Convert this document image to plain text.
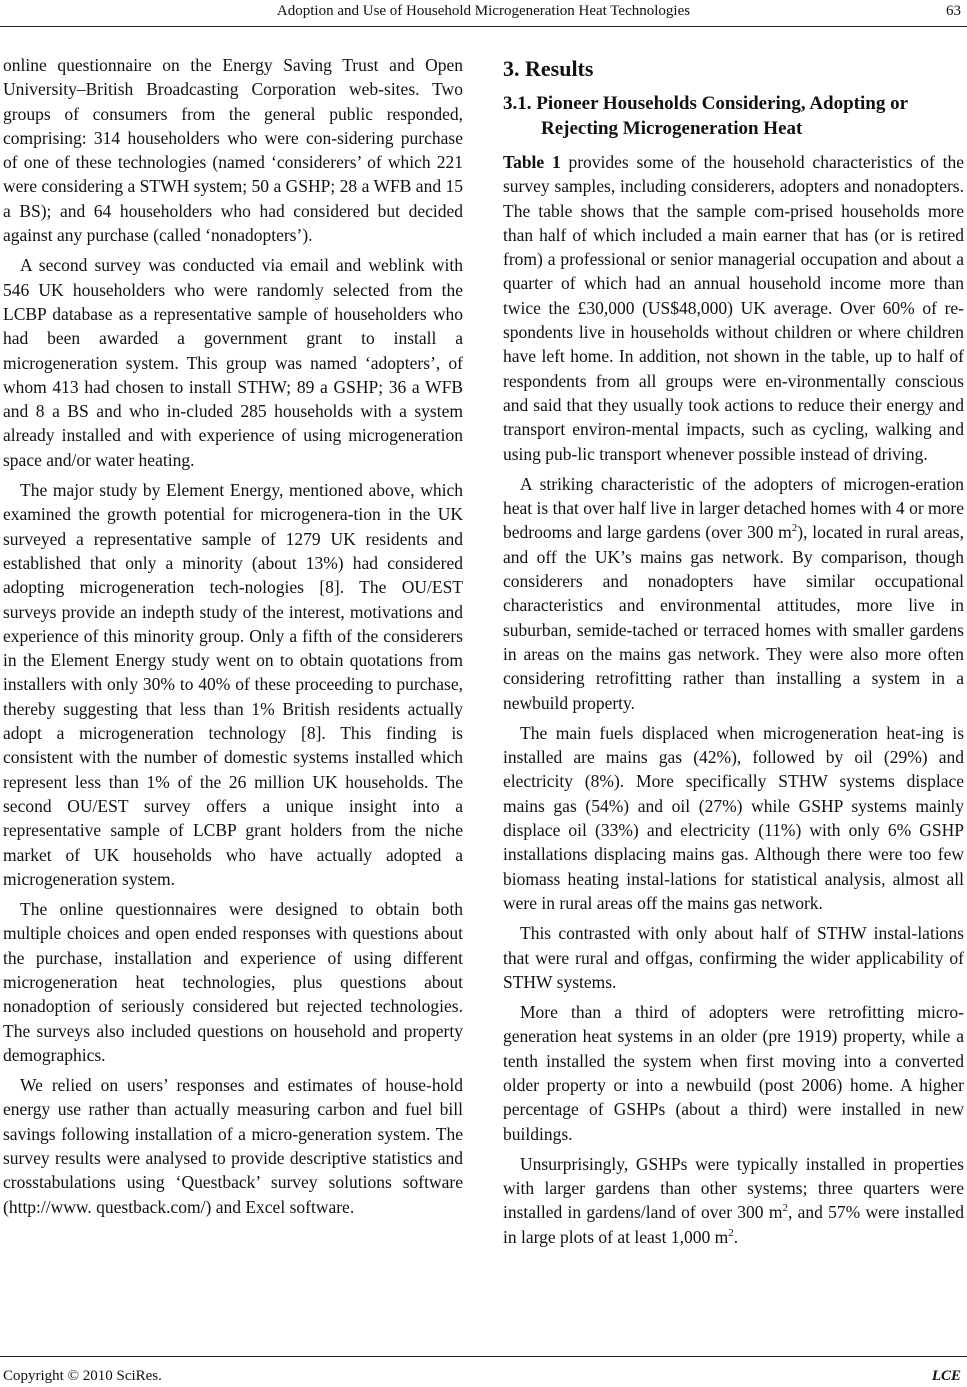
Adoption and Use of Household Microgeneration Heat Technologies	63

online questionnaire on the Energy Saving Trust and Open University–British Broadcasting Corporation web-sites. Two groups of consumers from the general public responded, comprising: 314 householders who were con-sidering purchase of one of these technologies (named ‘considerers’ of which 221 were considering a STWH system; 50 a GSHP; 28 a WFB and 15 a BS); and 64 householders who had considered but decided against any purchase (called ‘nonadopters’).

A second survey was conducted via email and weblink with 546 UK householders who were randomly selected from the LCBP database as a representative sample of householders who had been awarded a government grant to install a microgeneration system. This group was named ‘adopters’, of whom 413 had chosen to install STHW; 89 a GSHP; 36 a WFB and 8 a BS and who in-cluded 285 households with a system already installed and with experience of using microgeneration space and/or water heating.

The major study by Element Energy, mentioned above, which examined the growth potential for microgenera-tion in the UK surveyed a representative sample of 1279 UK residents and established that only a minority (about 13%) had considered adopting microgeneration tech-nologies [8]. The OU/EST surveys provide an indepth study of the interest, motivations and experience of this minority group. Only a fifth of the considerers in the Element Energy study went on to obtain quotations from installers with only 30% to 40% of these proceeding to purchase, thereby suggesting that less than 1% British residents actually adopt a microgeneration technology [8]. This finding is consistent with the number of domestic systems installed which represent less than 1% of the 26 million UK households. The second OU/EST survey offers a unique insight into a representative sample of LCBP grant holders from the niche market of UK households who have actually adopted a microgeneration system.

The online questionnaires were designed to obtain both multiple choices and open ended responses with questions about the purchase, installation and experience of using different microgeneration heat technologies, plus questions about nonadoption of seriously considered but rejected technologies. The surveys also included questions on household and property demographics.

We relied on users’ responses and estimates of house-hold energy use rather than actually measuring carbon and fuel bill savings following installation of a micro-generation system. The survey results were analysed to provide descriptive statistics and crosstabulations using ‘Questback’ survey solutions software (http://www. questback.com/) and Excel software.

3. Results
3.1. Pioneer Households Considering, Adopting or Rejecting Microgeneration Heat

Table 1 provides some of the household characteristics of the survey samples, including considerers, adopters and nonadopters. The table shows that the sample com-prised households more than half of which included a main earner that has (or is retired from) a professional or senior managerial occupation and about a quarter of which had an annual household income more than twice the £30,000 (US$48,000) UK average. Over 60% of re-spondents live in households without children or where children have left home. In addition, not shown in the table, up to half of respondents from all groups were en-vironmentally conscious and said that they usually took actions to reduce their energy and transport environ-mental impacts, such as cycling, walking and using pub-lic transport whenever possible instead of driving.

A striking characteristic of the adopters of microgen-eration heat is that over half live in larger detached homes with 4 or more bedrooms and large gardens (over 300 $m^2$), located in rural areas, and off the UK’s mains gas network. By comparison, though considerers and nonadopters have similar occupational characteristics and environmental attitudes, more live in suburban, semide-tached or terraced homes with smaller gardens in areas on the mains gas network. They were also more often considering retrofitting rather than installing a system in a newbuild property.

The main fuels displaced when microgeneration heat-ing is installed are mains gas (42%), followed by oil (29%) and electricity (8%). More specifically STHW systems displace mains gas (54%) and oil (27%) while GSHP systems mainly displace oil (33%) and electricity (11%) with only 6% GSHP installations displacing mains gas. Although there were too few biomass heating instal-lations for statistical analysis, almost all were in rural areas off the mains gas network.

This contrasted with only about half of STHW instal-lations that were rural and offgas, confirming the wider applicability of STHW systems.

More than a third of adopters were retrofitting micro-generation heat systems in an older (pre 1919) property, while a tenth installed the system when first moving into a converted older property or into a newbuild (post 2006) home. A higher percentage of GSHPs (about a third) were installed in new buildings.

Unsurprisingly, GSHPs were typically installed in properties with larger gardens than other systems; three quarters were installed in gardens/land of over 300 $m^2$, and 57% were installed in large plots of at least 1,000 $m^2$.

Copyright © 2010 SciRes.	LCE
